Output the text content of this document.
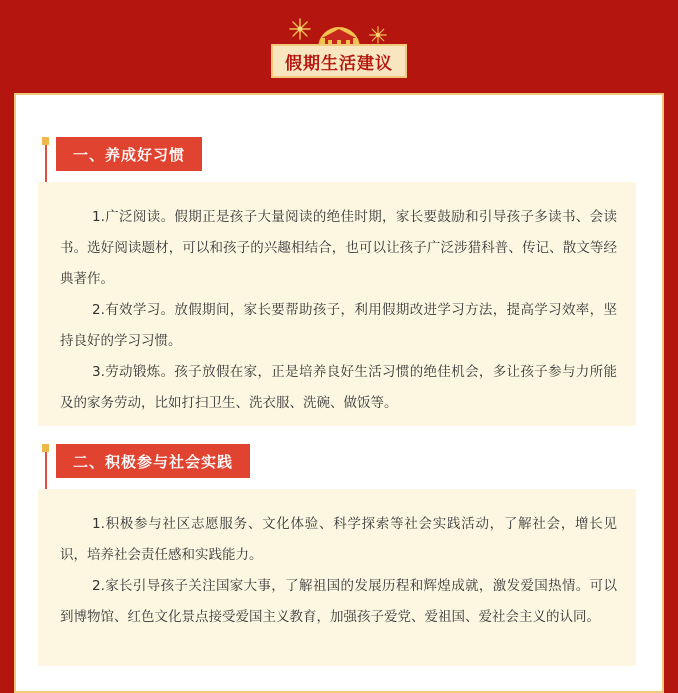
假期生活建议
一、养成好习惯

1.广泛阅读。假期正是孩子大量阅读的绝佳时期，家长要鼓励和引导孩子多读书、会读书。选好阅读题材，可以和孩子的兴趣相结合，也可以让孩子广泛涉猎科普、传记、散文等经典著作。

2.有效学习。放假期间，家长要帮助孩子，利用假期改进学习方法，提高学习效率，坚持良好的学习习惯。

3.劳动锻炼。孩子放假在家，正是培养良好生活习惯的绝佳机会，多让孩子参与力所能及的家务劳动，比如打扫卫生、洗衣服、洗碗、做饭等。

二、积极参与社会实践

1.积极参与社区志愿服务、文化体验、科学探索等社会实践活动，了解社会，增长见识，培养社会责任感和实践能力。

2.家长引导孩子关注国家大事，了解祖国的发展历程和辉煌成就，激发爱国热情。可以到博物馆、红色文化景点接受爱国主义教育，加强孩子爱党、爱祖国、爱社会主义的认同。
